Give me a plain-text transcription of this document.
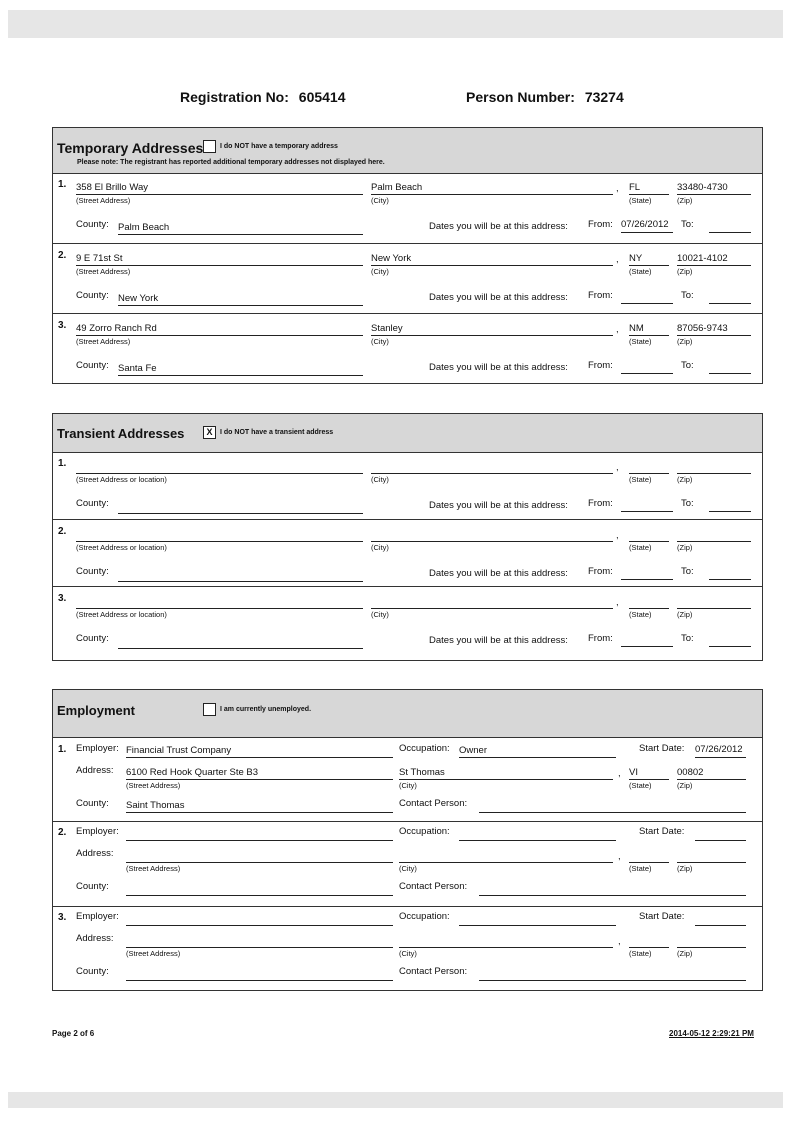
Registration No: 605414	Person Number: 73274
Temporary Addresses I do NOT have a temporary address
Please note: The registrant has reported additional temporary addresses not displayed here.
1. 358 El Brillo Way
(Street Address)
Palm Beach
(City)
, FL
(State)
33480-4730
(Zip)
County: Palm Beach	Dates you will be at this address: From: 07/26/2012 To:
2. 9 E 71st St
(Street Address)
New York
(City)
, NY
(State)
10021-4102
(Zip)
County: New York	Dates you will be at this address: From:	To:
3. 49 Zorro Ranch Rd
(Street Address)
Stanley
(City)
, NM
(State)
87056-9743
(Zip)
County: Santa Fe	Dates you will be at this address: From:	To:
Transient Addresses	X	I do NOT have a transient address
1.
(Street Address or location)	(City)
,
(State)	(Zip)
County:	Dates you will be at this address: From:	To:
2.
(Street Address or location)	(City)
,
(State)	(Zip)
County:	Dates you will be at this address: From:	To:
3.
(Street Address or location)	(City)
,
(State)	(Zip)
County:	Dates you will be at this address: From:	To:
Employment	I am currently unemployed.
1. Employer: Financial Trust Company	Occupation: Owner	Start Date: 07/26/2012
Address: 6100 Red Hook Quarter Ste B3
(Street Address)
St Thomas
(City)
, VI
(State)
00802
(Zip)
County: Saint Thomas	Contact Person:
2. Employer:	Occupation:	Start Date:
Address:
(Street Address)	(City)
,
(State)	(Zip)
County:	Contact Person:
3. Employer:	Occupation:	Start Date:
Address:
(Street Address)	(City)
,
(State)	(Zip)
County:	Contact Person:
Page 2 of 6	2014-05-12 2:29:21 PM
